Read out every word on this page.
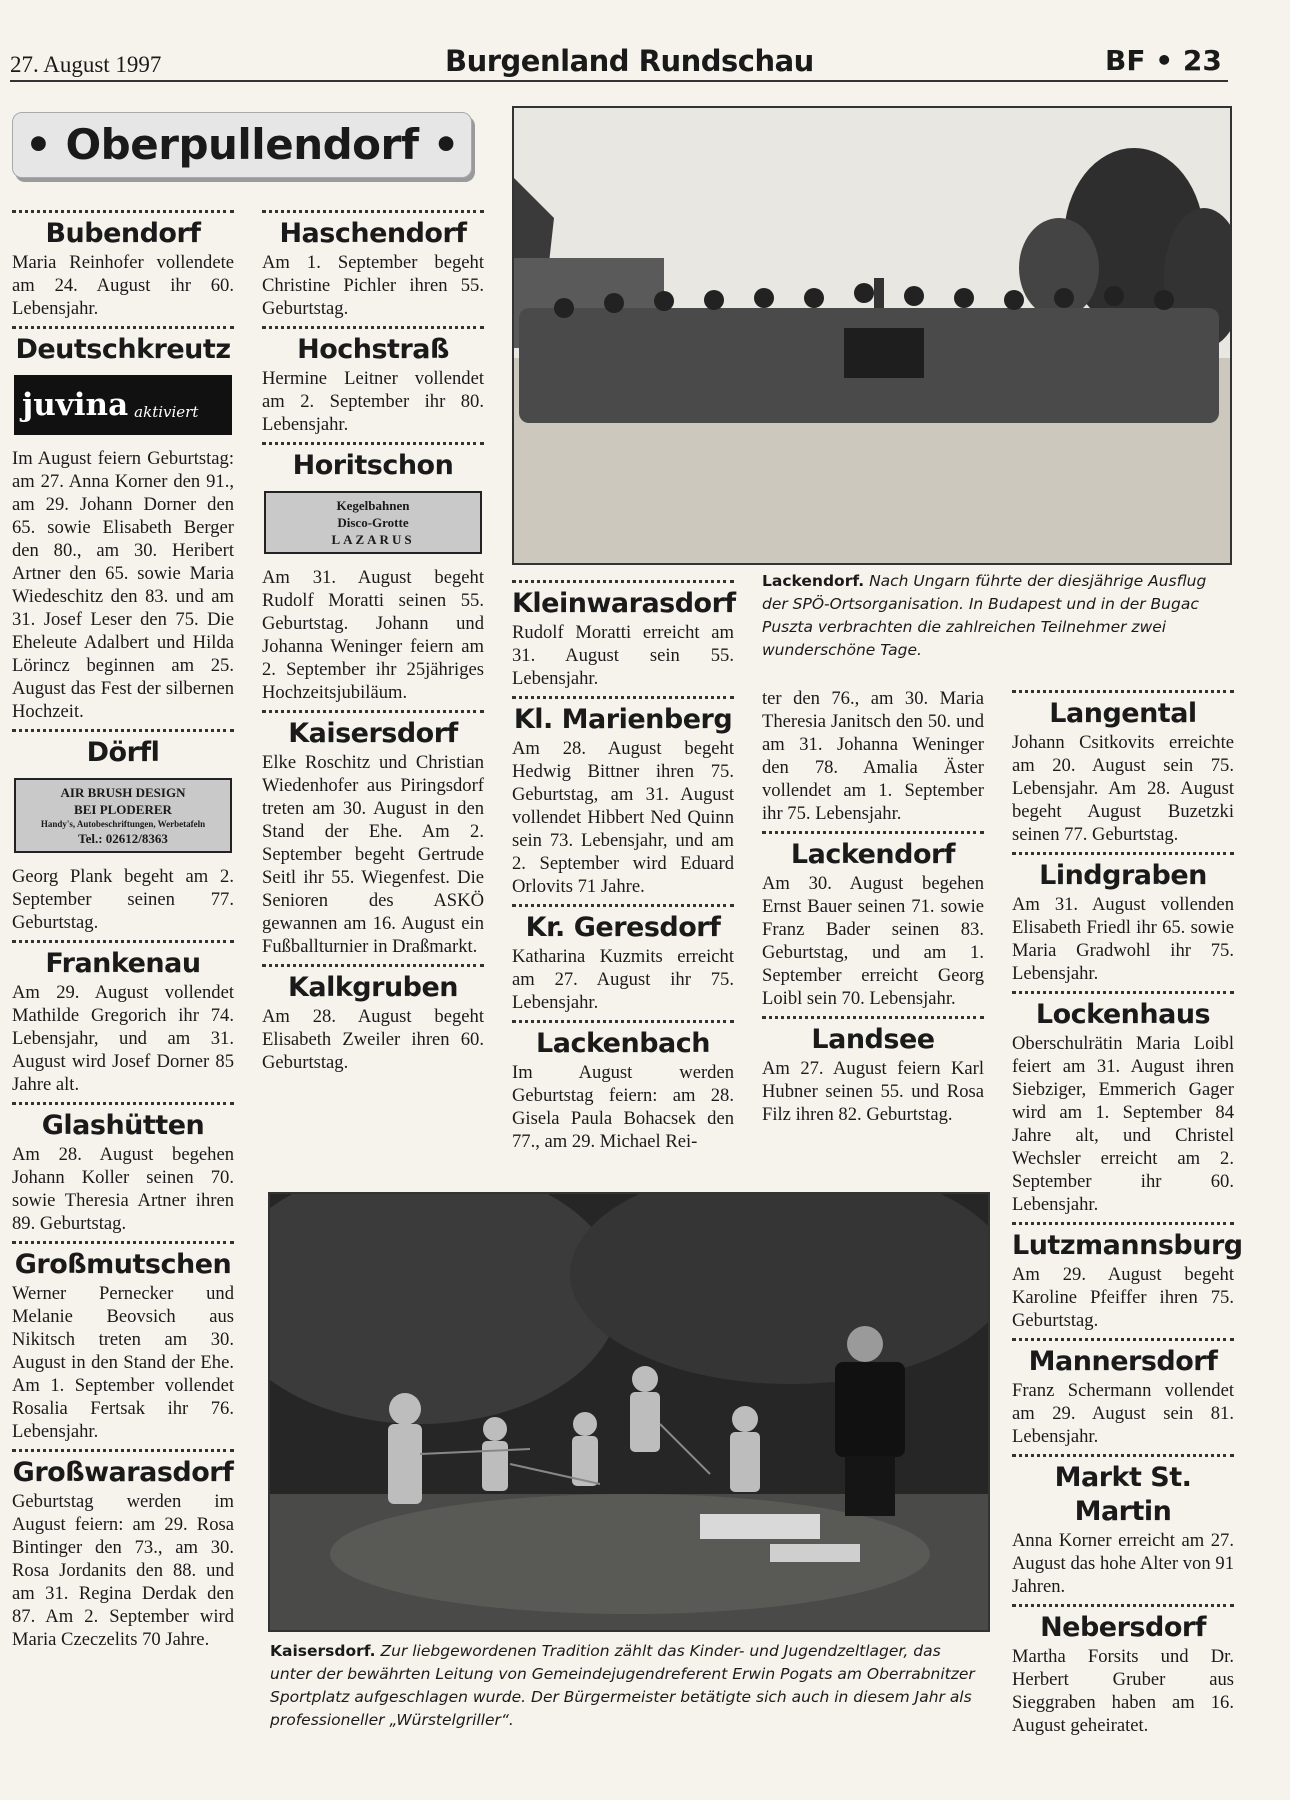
27. August 1997	Burgenland Rundschau	BF • 23
• Oberpullendorf •
Bubendorf

Maria Reinhofer vollendete am 24. August ihr 60. Lebensjahr.

Deutschkreutz
juvina aktiviert

Im August feiern Geburtstag: am 27. Anna Korner den 91., am 29. Johann Dorner den 65. sowie Elisabeth Berger den 80., am 30. Heribert Artner den 65. sowie Maria Wiedeschitz den 83. und am 31. Josef Leser den 75. Die Eheleute Adalbert und Hilda Lörincz beginnen am 25. August das Fest der silbernen Hochzeit.

Dörfl
AIR BRUSH DESIGN
BEI PLODERER
Handy's, Autobeschriftungen, Werbetafeln
Tel.: 02612/8363

Georg Plank begeht am 2. September seinen 77. Geburtstag.

Frankenau

Am 29. August vollendet Mathilde Gregorich ihr 74. Lebensjahr, und am 31. August wird Josef Dorner 85 Jahre alt.

Glashütten

Am 28. August begehen Johann Koller seinen 70. sowie Theresia Artner ihren 89. Geburtstag.

Großmutschen

Werner Pernecker und Melanie Beovsich aus Nikitsch treten am 30. August in den Stand der Ehe. Am 1. September vollendet Rosalia Fertsak ihr 76. Lebensjahr.

Großwarasdorf

Geburtstag werden im August feiern: am 29. Rosa Bintinger den 73., am 30. Rosa Jordanits den 88. und am 31. Regina Derdak den 87. Am 2. September wird Maria Czeczelits 70 Jahre.

Haschendorf

Am 1. September begeht Christine Pichler ihren 55. Geburtstag.

Hochstraß

Hermine Leitner vollendet am 2. September ihr 80. Lebensjahr.

Horitschon
Kegelbahnen
Disco-Grotte
LAZARUS

Am 31. August begeht Rudolf Moratti seinen 55. Geburtstag. Johann und Johanna Weninger feiern am 2. September ihr 25jähriges Hochzeitsjubiläum.

Kaisersdorf

Elke Roschitz und Christian Wiedenhofer aus Piringsdorf treten am 30. August in den Stand der Ehe. Am 2. September begeht Gertrude Seitl ihr 55. Wiegenfest. Die Senioren des ASKÖ gewannen am 16. August ein Fußballturnier in Draßmarkt.

Kalkgruben

Am 28. August begeht Elisabeth Zweiler ihren 60. Geburtstag.

Lackendorf. Nach Ungarn führte der diesjährige Ausflug der SPÖ-Ortsorganisation. In Budapest und in der Bugac Puszta verbrachten die zahlreichen Teilnehmer zwei wunderschöne Tage.
Kleinwarasdorf

Rudolf Moratti erreicht am 31. August sein 55. Lebensjahr.

Kl. Marienberg

Am 28. August begeht Hedwig Bittner ihren 75. Geburtstag, am 31. August vollendet Hibbert Ned Quinn sein 73. Lebensjahr, und am 2. September wird Eduard Orlovits 71 Jahre.

Kr. Geresdorf

Katharina Kuzmits erreicht am 27. August ihr 75. Lebensjahr.

Lackenbach

Im August werden Geburtstag feiern: am 28. Gisela Paula Bohacsek den 77., am 29. Michael Rei-

ter den 76., am 30. Maria Theresia Janitsch den 50. und am 31. Johanna Weninger den 78. Amalia Äster vollendet am 1. September ihr 75. Lebensjahr.

Lackendorf

Am 30. August begehen Ernst Bauer seinen 71. sowie Franz Bader seinen 83. Geburtstag, und am 1. September erreicht Georg Loibl sein 70. Lebensjahr.

Landsee

Am 27. August feiern Karl Hubner seinen 55. und Rosa Filz ihren 82. Geburtstag.

Langental

Johann Csitkovits erreichte am 20. August sein 75. Lebensjahr. Am 28. August begeht August Buzetzki seinen 77. Geburtstag.

Lindgraben

Am 31. August vollenden Elisabeth Friedl ihr 65. sowie Maria Gradwohl ihr 75. Lebensjahr.

Lockenhaus

Oberschulrätin Maria Loibl feiert am 31. August ihren Siebziger, Emmerich Gager wird am 1. September 84 Jahre alt, und Christel Wechsler erreicht am 2. September ihr 60. Lebensjahr.

Lutzmannsburg

Am 29. August begeht Karoline Pfeiffer ihren 75. Geburtstag.

Mannersdorf

Franz Schermann vollendet am 29. August sein 81. Lebensjahr.

Markt St. Martin

Anna Korner erreicht am 27. August das hohe Alter von 91 Jahren.

Nebersdorf

Martha Forsits und Dr. Herbert Gruber aus Sieggraben haben am 16. August geheiratet.

Kaisersdorf. Zur liebgewordenen Tradition zählt das Kinder- und Jugendzeltlager, das unter der bewährten Leitung von Gemeindejugendreferent Erwin Pogats am Oberrabnitzer Sportplatz aufgeschlagen wurde. Der Bürgermeister betätigte sich auch in diesem Jahr als professioneller „Würstelgriller“.
